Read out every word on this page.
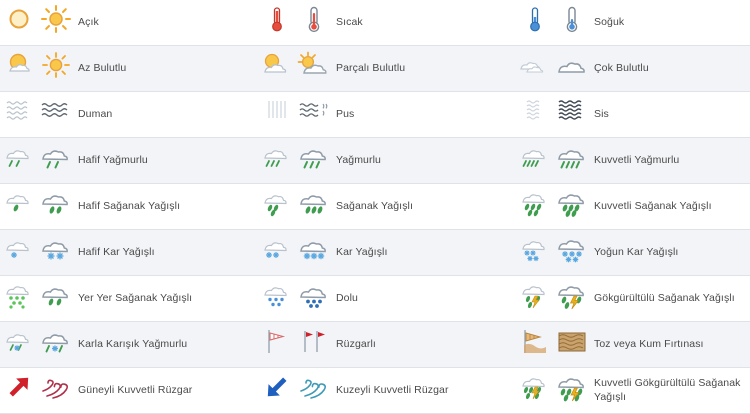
	Açık			Sıcak			Soğuk

	Az Bulutlu			Parçalı Bulutlu			Çok Bulutlu

	Duman			Pus			Sis

	Hafif Yağmurlu			Yağmurlu			Kuvvetli Yağmurlu

	Hafif Sağanak Yağışlı			Sağanak Yağışlı			Kuvvetli Sağanak Yağışlı

	Hafif Kar Yağışlı			Kar Yağışlı			Yoğun Kar Yağışlı

	Yer Yer Sağanak Yağışlı			Dolu			Gökgürültülü Sağanak Yağışlı

	Karla Karışık Yağmurlu			Rüzgarlı			Toz veya Kum Fırtınası

	Güneyli Kuvvetli Rüzgar			Kuzeyli Kuvvetli Rüzgar			Kuvvetli Gökgürültülü Sağanak Yağışlı
